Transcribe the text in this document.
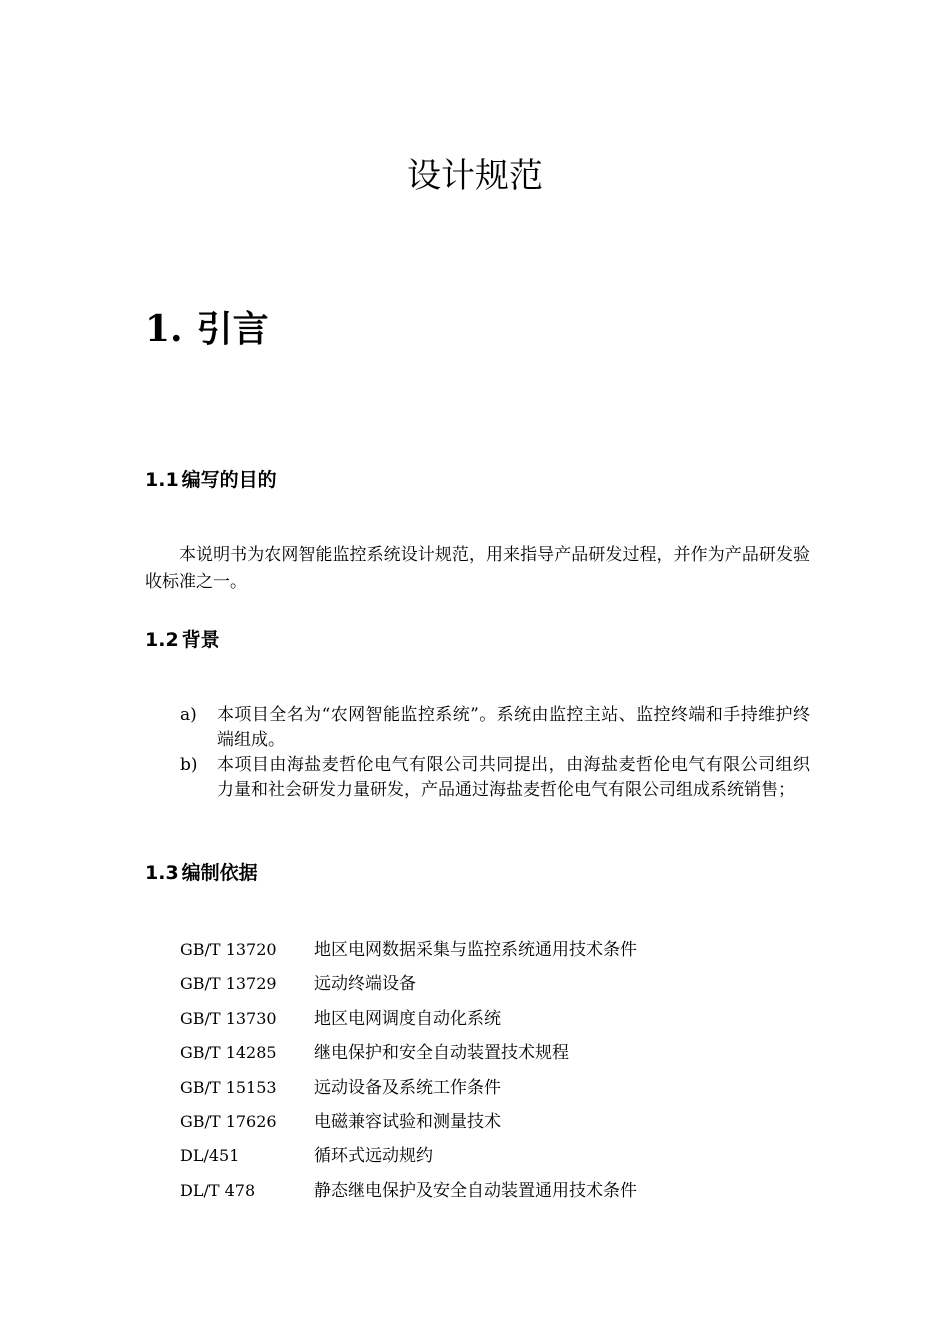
设计规范
1. 引言
1.1 编写的目的

本说明书为农网智能监控系统设计规范，用来指导产品研发过程，并作为产品研发验收标准之一。

1.2 背景
a) 本项目全名为“农网智能监控系统”。系统由监控主站、监控终端和手持维护终端组成。
b) 本项目由海盐麦哲伦电气有限公司共同提出，由海盐麦哲伦电气有限公司组织力量和社会研发力量研发，产品通过海盐麦哲伦电气有限公司组成系统销售；
1.3 编制依据
GB/T 13720 地区电网数据采集与监控系统通用技术条件
GB/T 13729 远动终端设备
GB/T 13730 地区电网调度自动化系统
GB/T 14285 继电保护和安全自动装置技术规程
GB/T 15153 远动设备及系统工作条件
GB/T 17626 电磁兼容试验和测量技术
DL/451	循环式远动规约
DL/T 478	静态继电保护及安全自动装置通用技术条件
